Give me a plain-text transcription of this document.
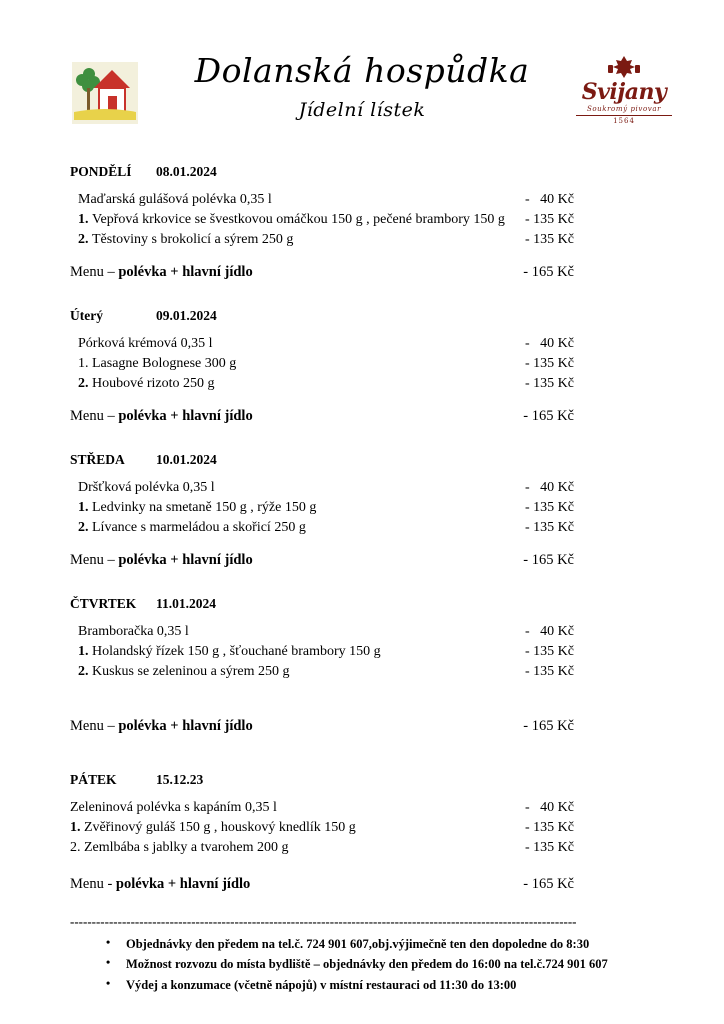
Dolanská hospůdka
Jídelní lístek
Svijany
Soukromý pivovar
1564
PONDĚLÍ 08.01.2024
Maďarská gulášová polévka 0,35 l	-   40 Kč
1. Vepřová krkovice se švestkovou omáčkou 150 g , pečené brambory 150 g - 135 Kč
2. Těstoviny s brokolicí a sýrem 250 g	- 135 Kč
Menu – polévka + hlavní jídlo	- 165 Kč
Úterý	09.01.2024
Pórková krémová 0,35 l	-   40 Kč
1. Lasagne Bolognese 300 g	- 135 Kč
2. Houbové rizoto 250 g	- 135 Kč
Menu – polévka + hlavní jídlo	- 165 Kč
STŘEDA 10.01.2024
Dršťková polévka 0,35 l	-   40 Kč
1. Ledvinky na smetaně 150 g , rýže 150 g	- 135 Kč
2. Lívance s marmeládou a skořicí 250 g	- 135 Kč
Menu – polévka + hlavní jídlo	- 165 Kč
ČTVRTEK 11.01.2024
Bramboračka 0,35 l	-   40 Kč
1. Holandský řízek 150 g , šťouchané brambory 150 g	- 135 Kč
2. Kuskus se zeleninou a sýrem 250 g	- 135 Kč
Menu – polévka + hlavní jídlo	- 165 Kč
PÁTEK	15.12.23
Zeleninová polévka s kapáním 0,35 l	-   40 Kč
1. Zvěřinový guláš 150 g , houskový knedlík 150 g	- 135 Kč
2. Zemlbába s jablky a tvarohem 200 g	- 135 Kč
Menu - polévka + hlavní jídlo	- 165 Kč
---------------------------------------------------------------------------------------------------------------------
• Objednávky den předem na tel.č. 724 901 607,obj.výjimečně ten den dopoledne do 8:30
• Možnost rozvozu do místa bydliště – objednávky den předem do 16:00 na tel.č.724 901 607
• Výdej a konzumace (včetně nápojů) v místní restauraci od 11:30 do 13:00
